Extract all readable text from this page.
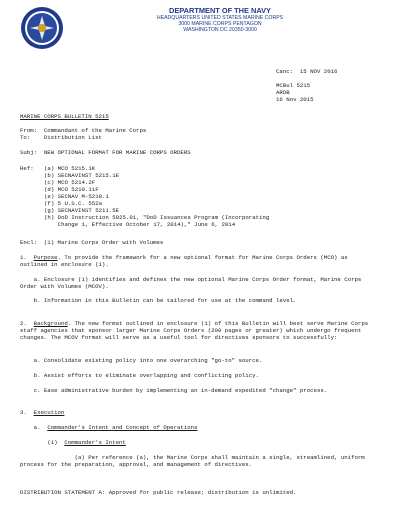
DEPARTMENT OF THE NAVY
HEADQUARTERS UNITED STATES MARINE CORPS
3000 MARINE CORPS PENTAGON
WASHINGTON DC 20350-3000
Canc:  15 NOV 2016
MCBul 5215
ARDB
16 Nov 2015
MARINE CORPS BULLETIN 5215
From:  Commandant of the Marine Corps
To:    Distribution List
Subj:  NEW OPTIONAL FORMAT FOR MARINE CORPS ORDERS
Ref: (a) MCO 5215.1K
(b) SECNAVINST 5215.1E
(c) MCO 5214.2F
(d) MCO 5210.11F
(e) SECNAV M-5210.1
(f) 5 U.S.C. 552a
(g) SECNAVINST 5211.5E
(h) DoD Instruction 5025.01, "DoD Issuances Program (Incorporating
Change 1, Effective October 17, 2014)," June 6, 2014
Encl:  (1) Marine Corps Order with Volumes
1. Purpose. To provide the framework for a new optional format for Marine Corps Orders (MCO) as outlined in enclosure (1).
a. Enclosure (1) identifies and defines the new optional Marine Corps Order format, Marine Corps Order with Volumes (MCOV).
b. Information in this Bulletin can be tailored for use at the command level.
2. Background. The new format outlined in enclosure (1) of this Bulletin will best serve Marine Corps staff agencies that sponsor larger Marine Corps Orders (200 pages or greater) which undergo frequent changes. The MCOV format will serve as a useful tool for directives sponsors to successfully:
a. Consolidate existing policy into one overarching "go-to" source.
b. Assist efforts to eliminate overlapping and conflicting policy.
c. Ease administrative burden by implementing an in-demand expedited "change" process.
3. Execution
a. Commander's Intent and Concept of Operations
(1) Commander's Intent
(a) Per reference (a), the Marine Corps shall maintain a single, streamlined, uniform process for the preparation, approval, and management of directives.
DISTRIBUTION STATEMENT A: Approved for public release; distribution is unlimited.
